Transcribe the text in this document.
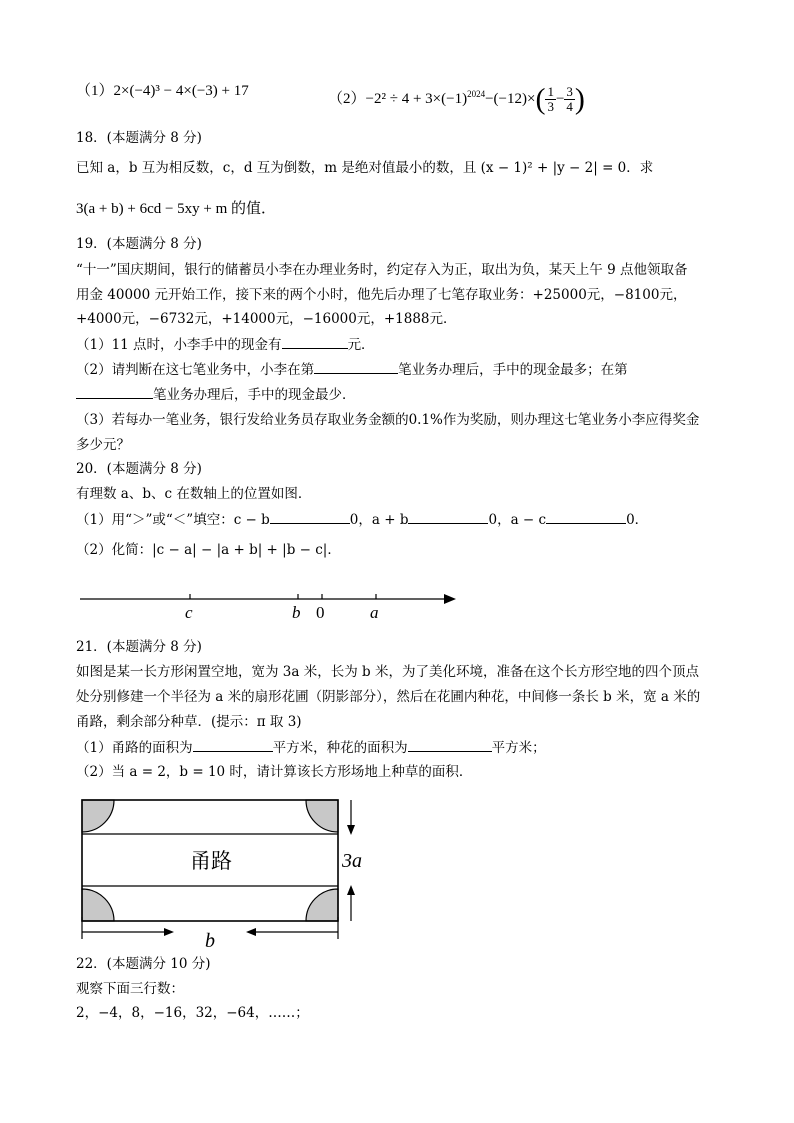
（1）2×(−4)³ − 4×(−3) + 17	$(2)-2^2 \div 4 + 3\times(-1)^{2024}-(-12)\times( \frac{1}{3} - \frac{3}{4}$ )
18．(本题满分 8 分)
已知 a，b 互为相反数，c，d 互为倒数，m 是绝对值最小的数，且 (x − 1)² + |y − 2| = 0．求
3(a + b) + 6cd − 5xy + m 的值．
19．(本题满分 8 分)
“十一”国庆期间，银行的储蓄员小李在办理业务时，约定存入为正，取出为负，某天上午 9 点他领取备
用金 40000 元开始工作，接下来的两个小时，他先后办理了七笔存取业务：+25000元，−8100元，
+4000元，−6732元，+14000元，−16000元，+1888元．
（1）11 点时，小李手中的现金有	元．
（2）请判断在这七笔业务中，小李在第	笔业务办理后，手中的现金最多；在第
笔业务办理后，手中的现金最少．
（3）若每办一笔业务，银行发给业务员存取业务金额的0.1%作为奖励，则办理这七笔业务小李应得奖金
多少元？
20．(本题满分 8 分)
有理数 a、b、c 在数轴上的位置如图．
（1）用“＞”或“＜”填空：c − b	0，a + b	0，a − c	0．
（2）化简：|c − a| − |a + b| + |b − c|．
c	b 0	a
21．(本题满分 8 分)
如图是某一长方形闲置空地，宽为 3a 米，长为 b 米，为了美化环境，准备在这个长方形空地的四个顶点
处分别修建一个半径为 a 米的扇形花圃（阴影部分），然后在花圃内种花，中间修一条长 b 米，宽 a 米的
甬路，剩余部分种草．(提示：π 取 3)
（1）甬路的面积为	平方米，种花的面积为	平方米；
（2）当 a = 2，b = 10 时，请计算该长方形场地上种草的面积．
甬路	3a
b
22．(本题满分 10 分)
观察下面三行数：
2，−4，8，−16，32，−64，……；
